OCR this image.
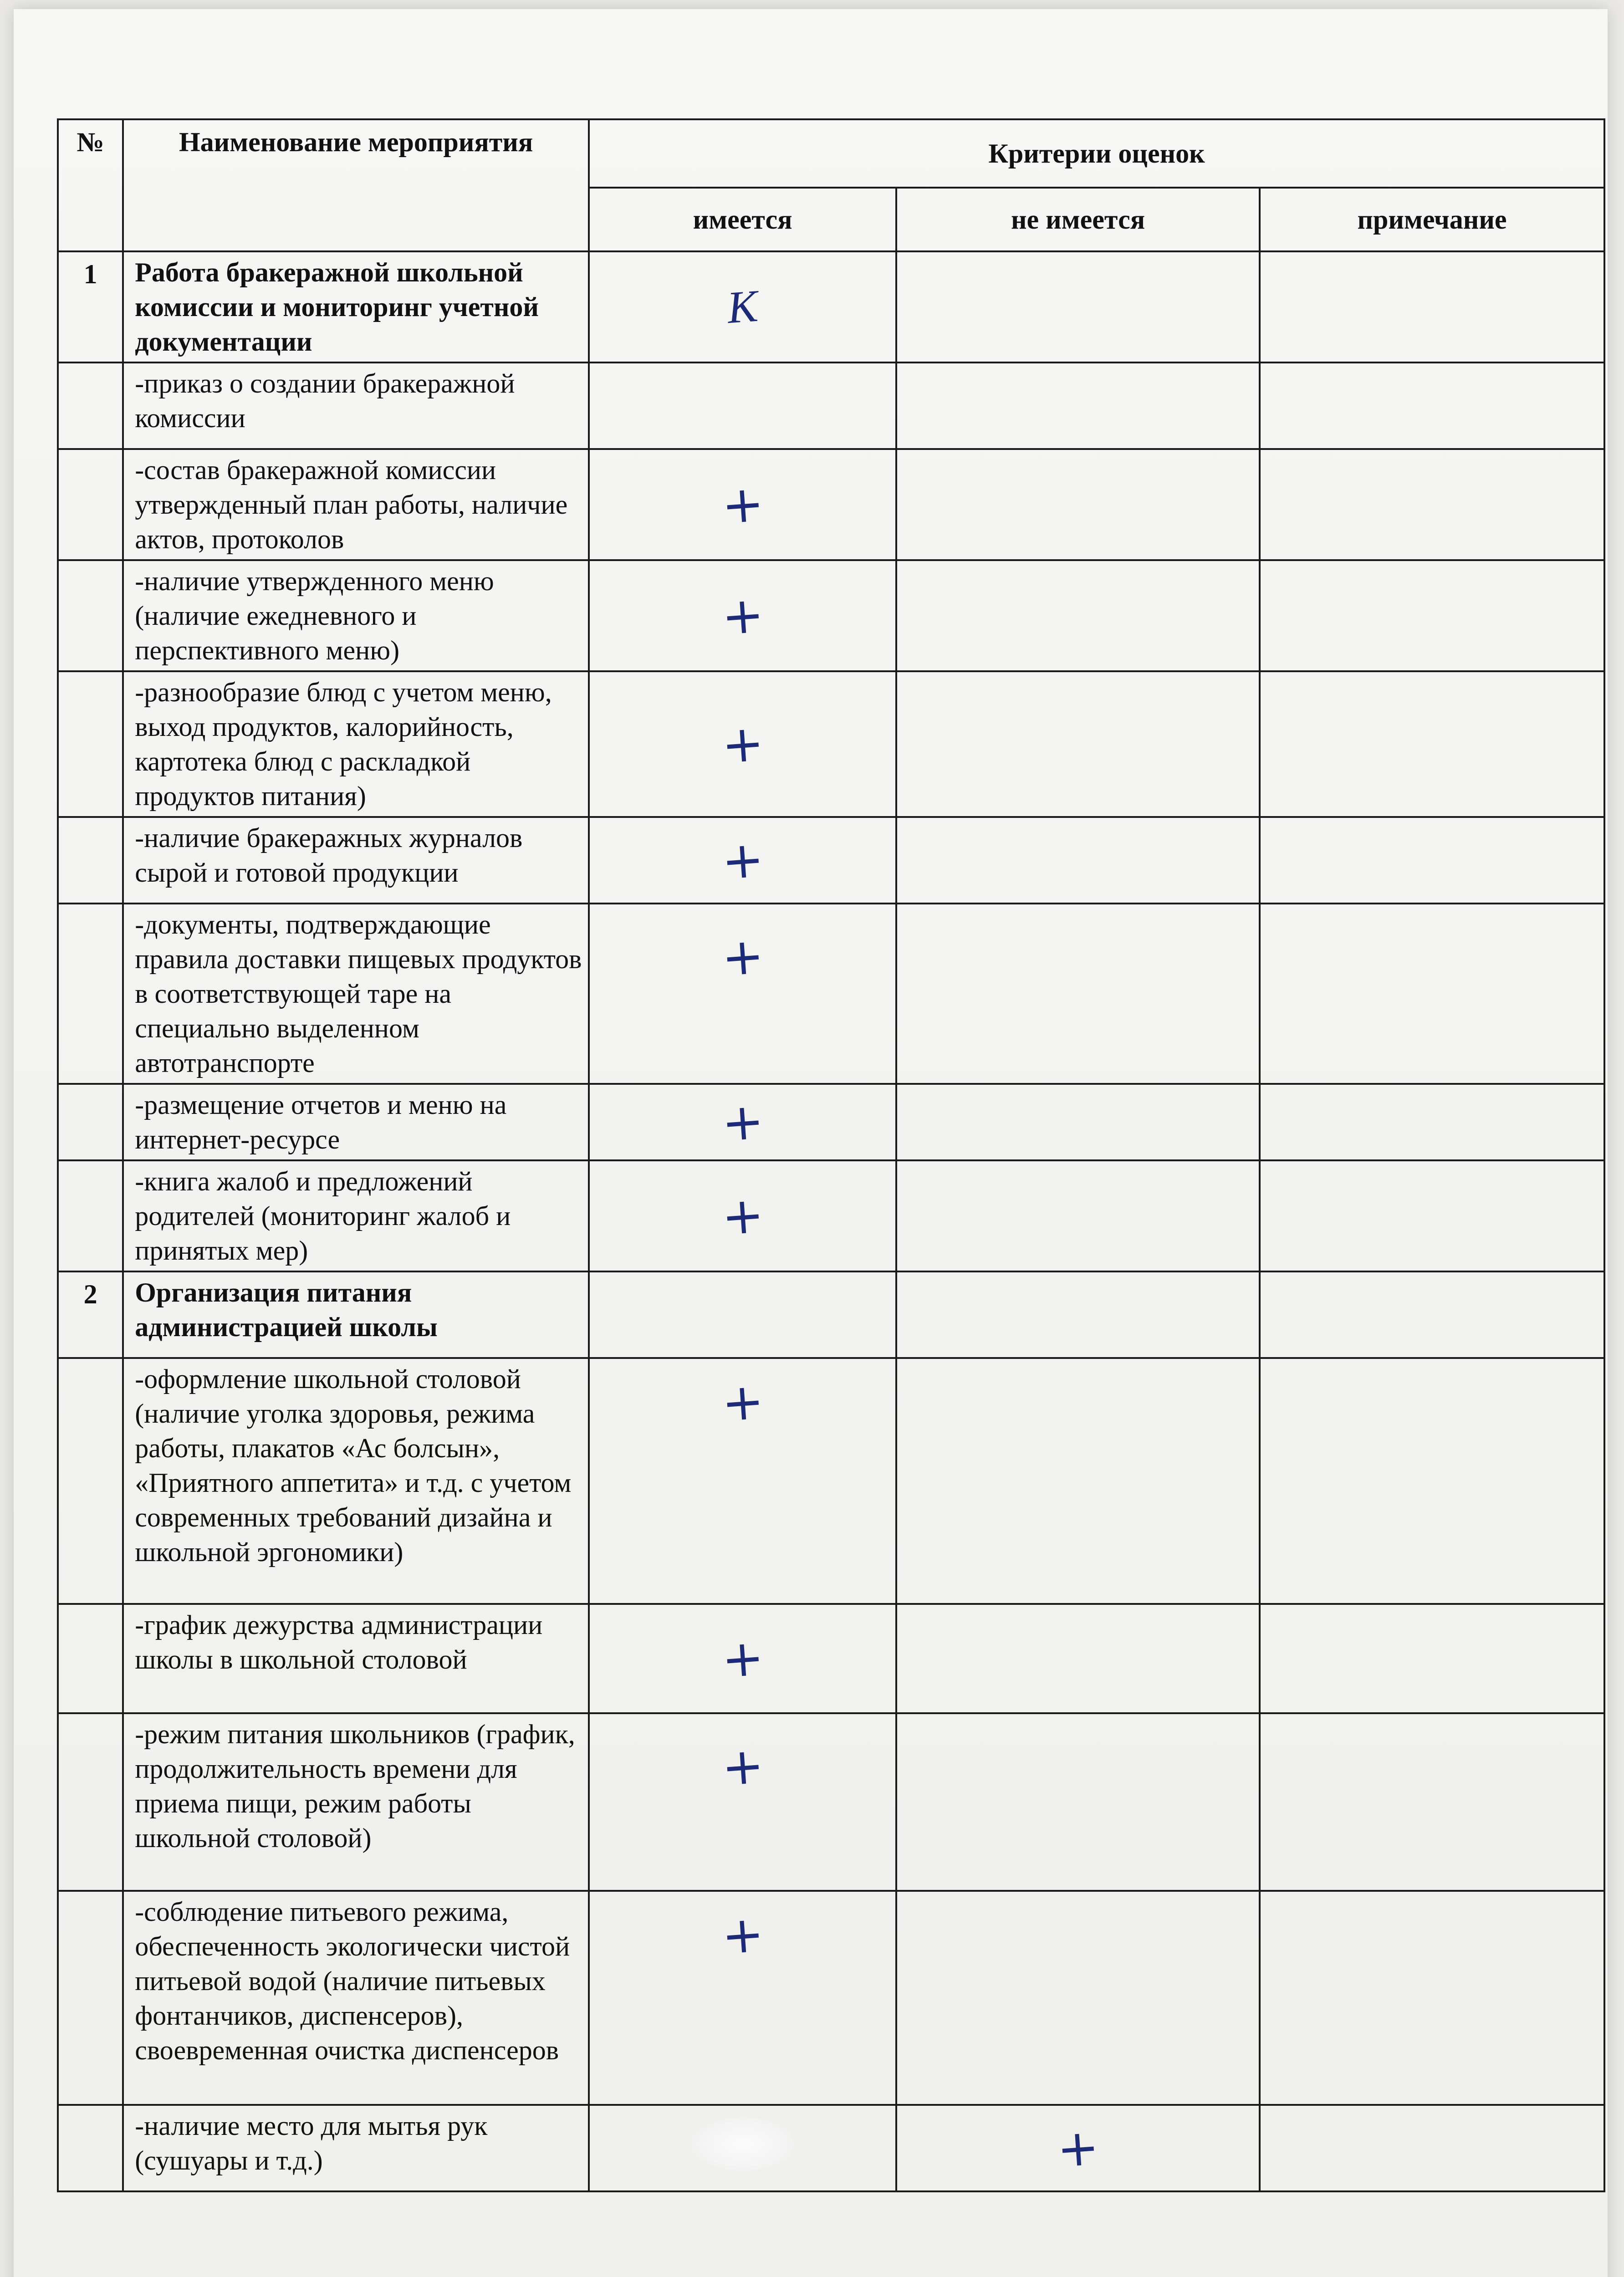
№	Наименование мероприятия	Критерии оценок		
		имеется	не имеется	примечание
1	Работа бракеражной школьной комиссии и мониторинг учетной документации	K		
	-приказ о создании бракеражной комиссии			
	-состав бракеражной комиссии утвержденный план работы, наличие актов, протоколов	+		
	-наличие утвержденного меню (наличие ежедневного и перспективного меню)	+		
	-разнообразие блюд с учетом меню, выход продуктов, калорийность, картотека блюд с раскладкой продуктов питания)	+		
	-наличие бракеражных журналов сырой и готовой продукции	+		
	-документы, подтверждающие правила доставки пищевых продуктов в соответствующей таре на специально выделенном автотранспорте	+		
	-размещение отчетов и меню на интернет-ресурсе	+		
	-книга жалоб и предложений родителей (мониторинг жалоб и принятых мер)	+		
2	Организация питания администрацией школы			
	-оформление школьной столовой (наличие уголка здоровья, режима работы, плакатов «Ас болсын», «Приятного аппетита» и т.д. с учетом современных требований дизайна и школьной эргономики)	+		
	-график дежурства администрации школы в школьной столовой	+		
	-режим питания школьников (график, продолжительность времени для приема пищи, режим работы школьной столовой)	+		
	-соблюдение питьевого режима, обеспеченность экологически чистой питьевой водой (наличие питьевых фонтанчиков, диспенсеров), своевременная очистка диспенсеров	+		
	-наличие место для мытья рук (сушуары и т.д.)		+	
